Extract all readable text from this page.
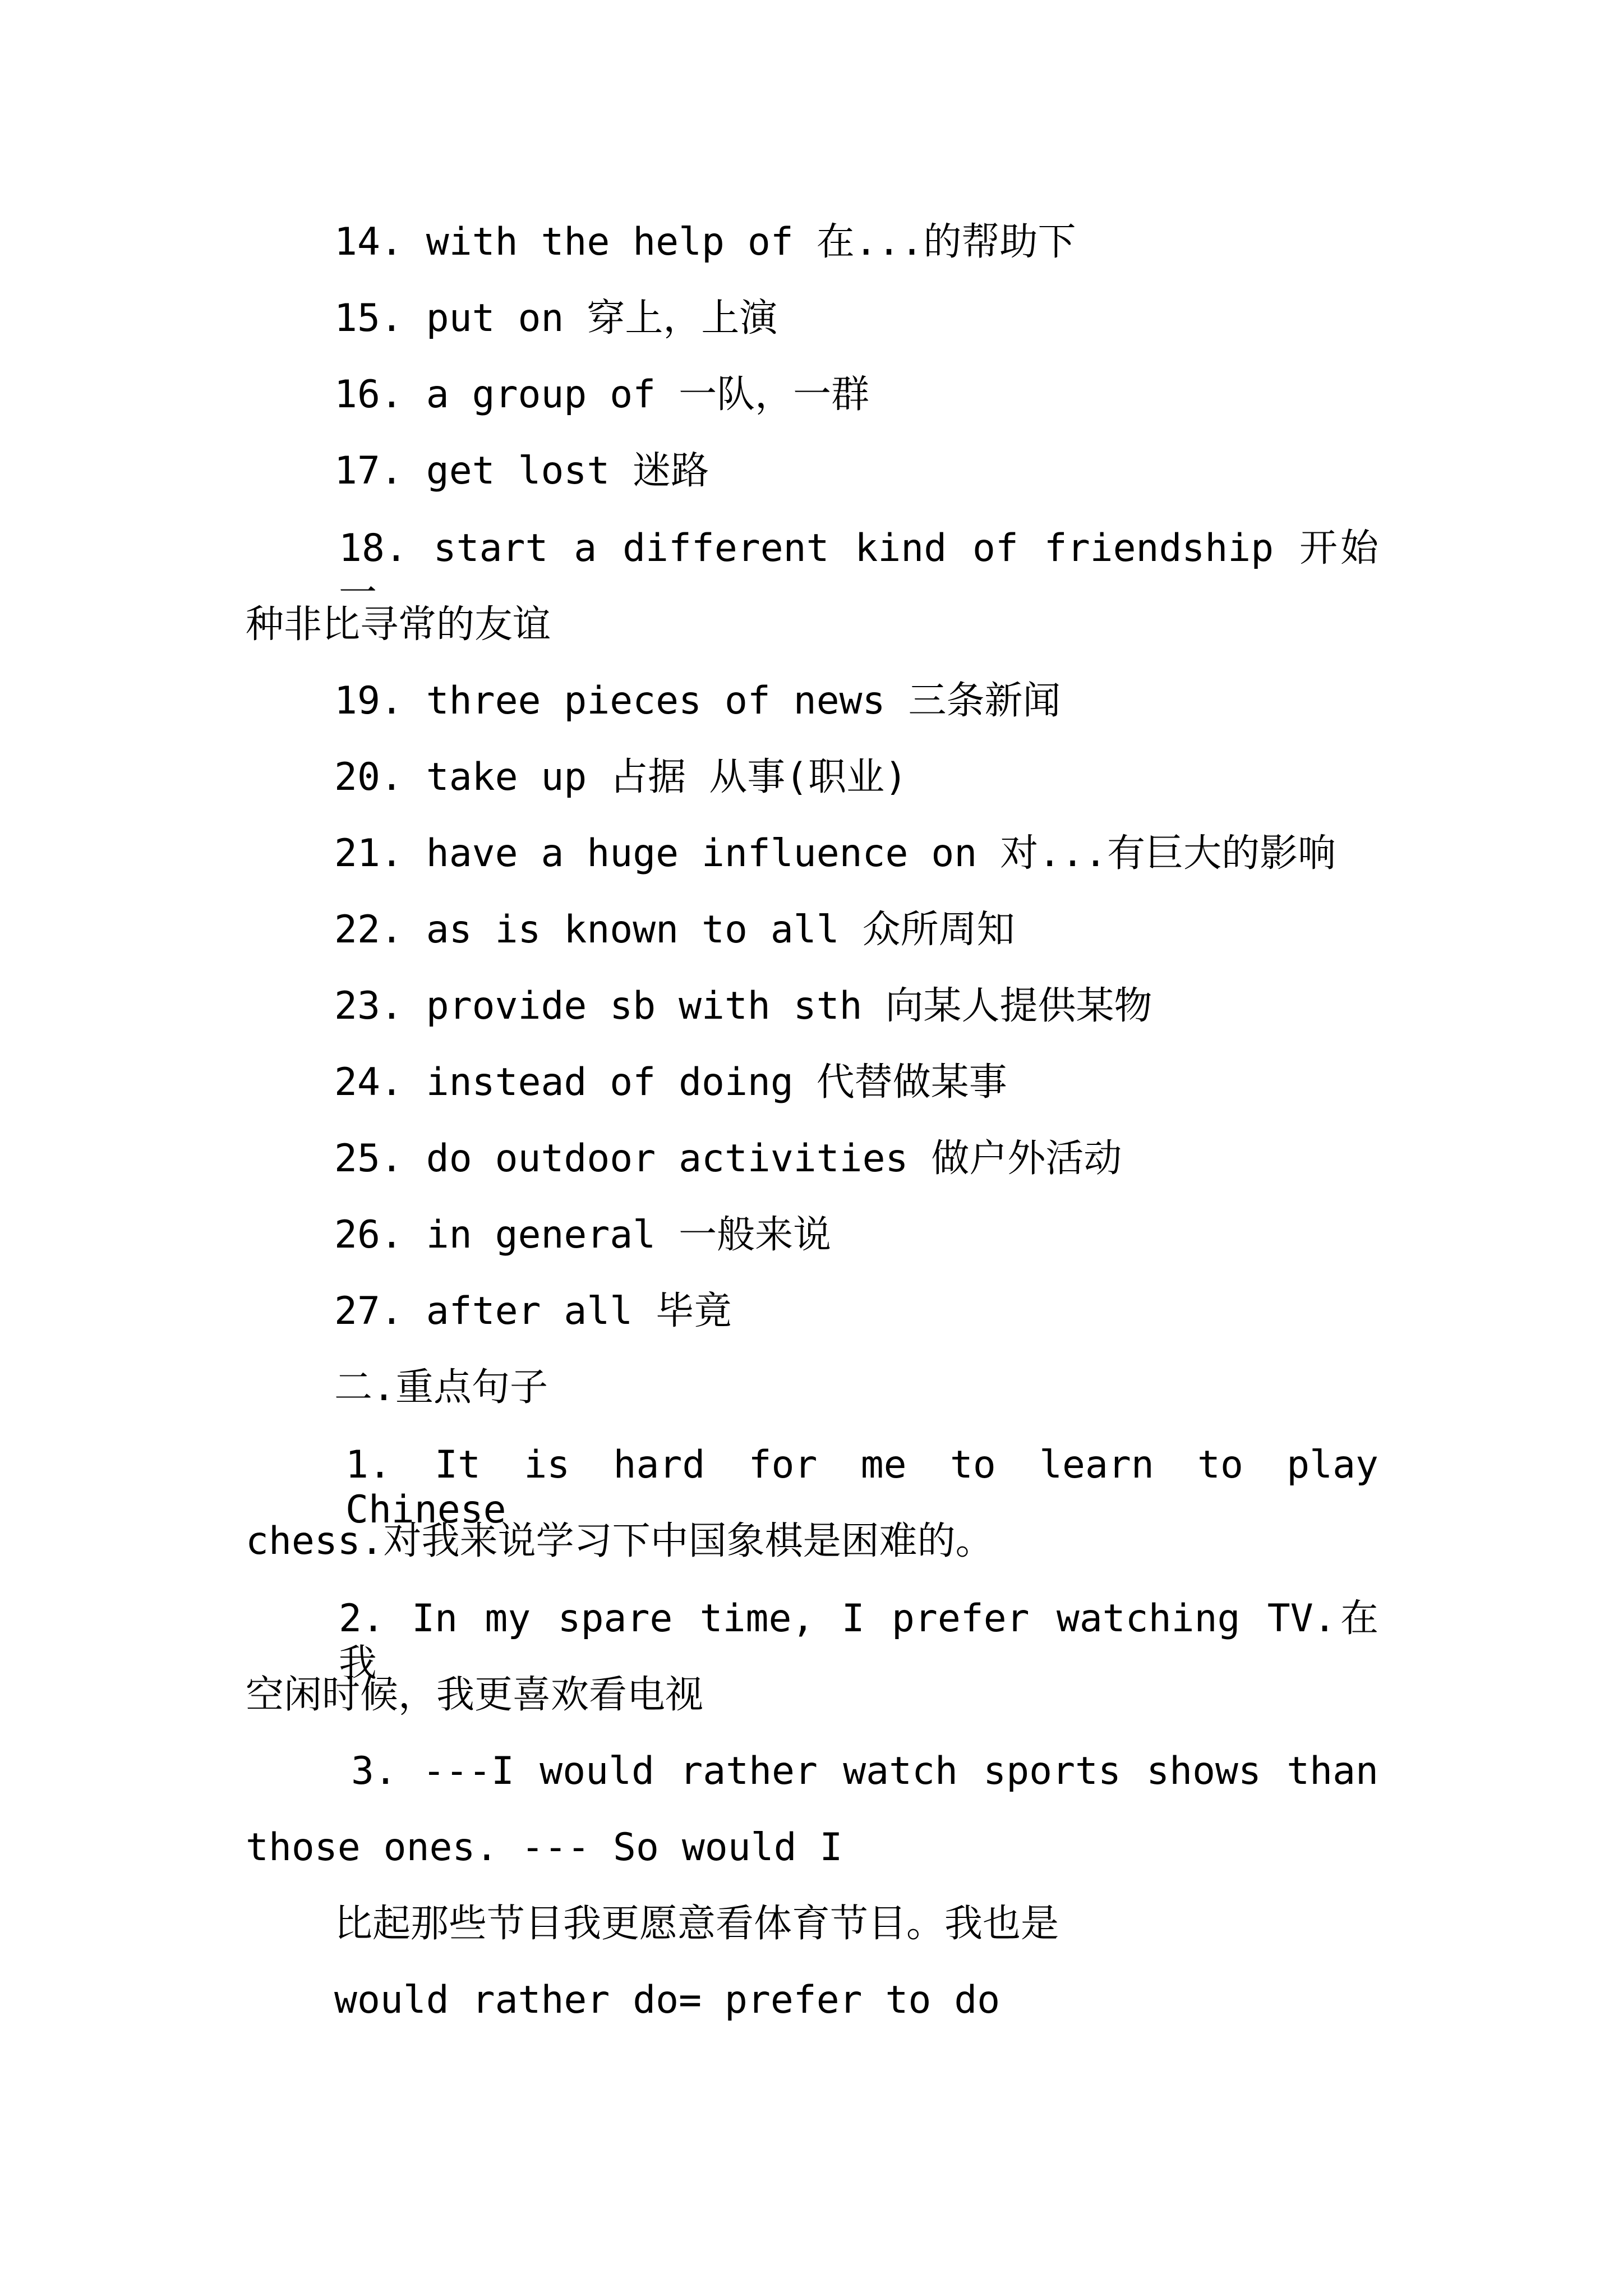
14. with the help of 在...的帮助下
15. put on 穿上，上演
16. a group of 一队，一群
17. get lost 迷路
18. start a different kind of friendship 开始一
种非比寻常的友谊
19. three pieces of news 三条新闻
20. take up 占据 从事(职业)
21. have a huge influence on 对...有巨大的影响
22. as is known to all 众所周知
23. provide sb with sth 向某人提供某物
24. instead of doing 代替做某事
25. do outdoor activities 做户外活动
26. in general 一般来说
27. after all 毕竟
二.重点句子
1. It is hard for me to learn to play Chinese
chess.对我来说学习下中国象棋是困难的。
2. In my spare time, I prefer watching TV.在我
空闲时候，我更喜欢看电视
3. ---I would rather watch sports shows than
those ones. --- So would I
比起那些节目我更愿意看体育节目。我也是
would rather do= prefer to do
